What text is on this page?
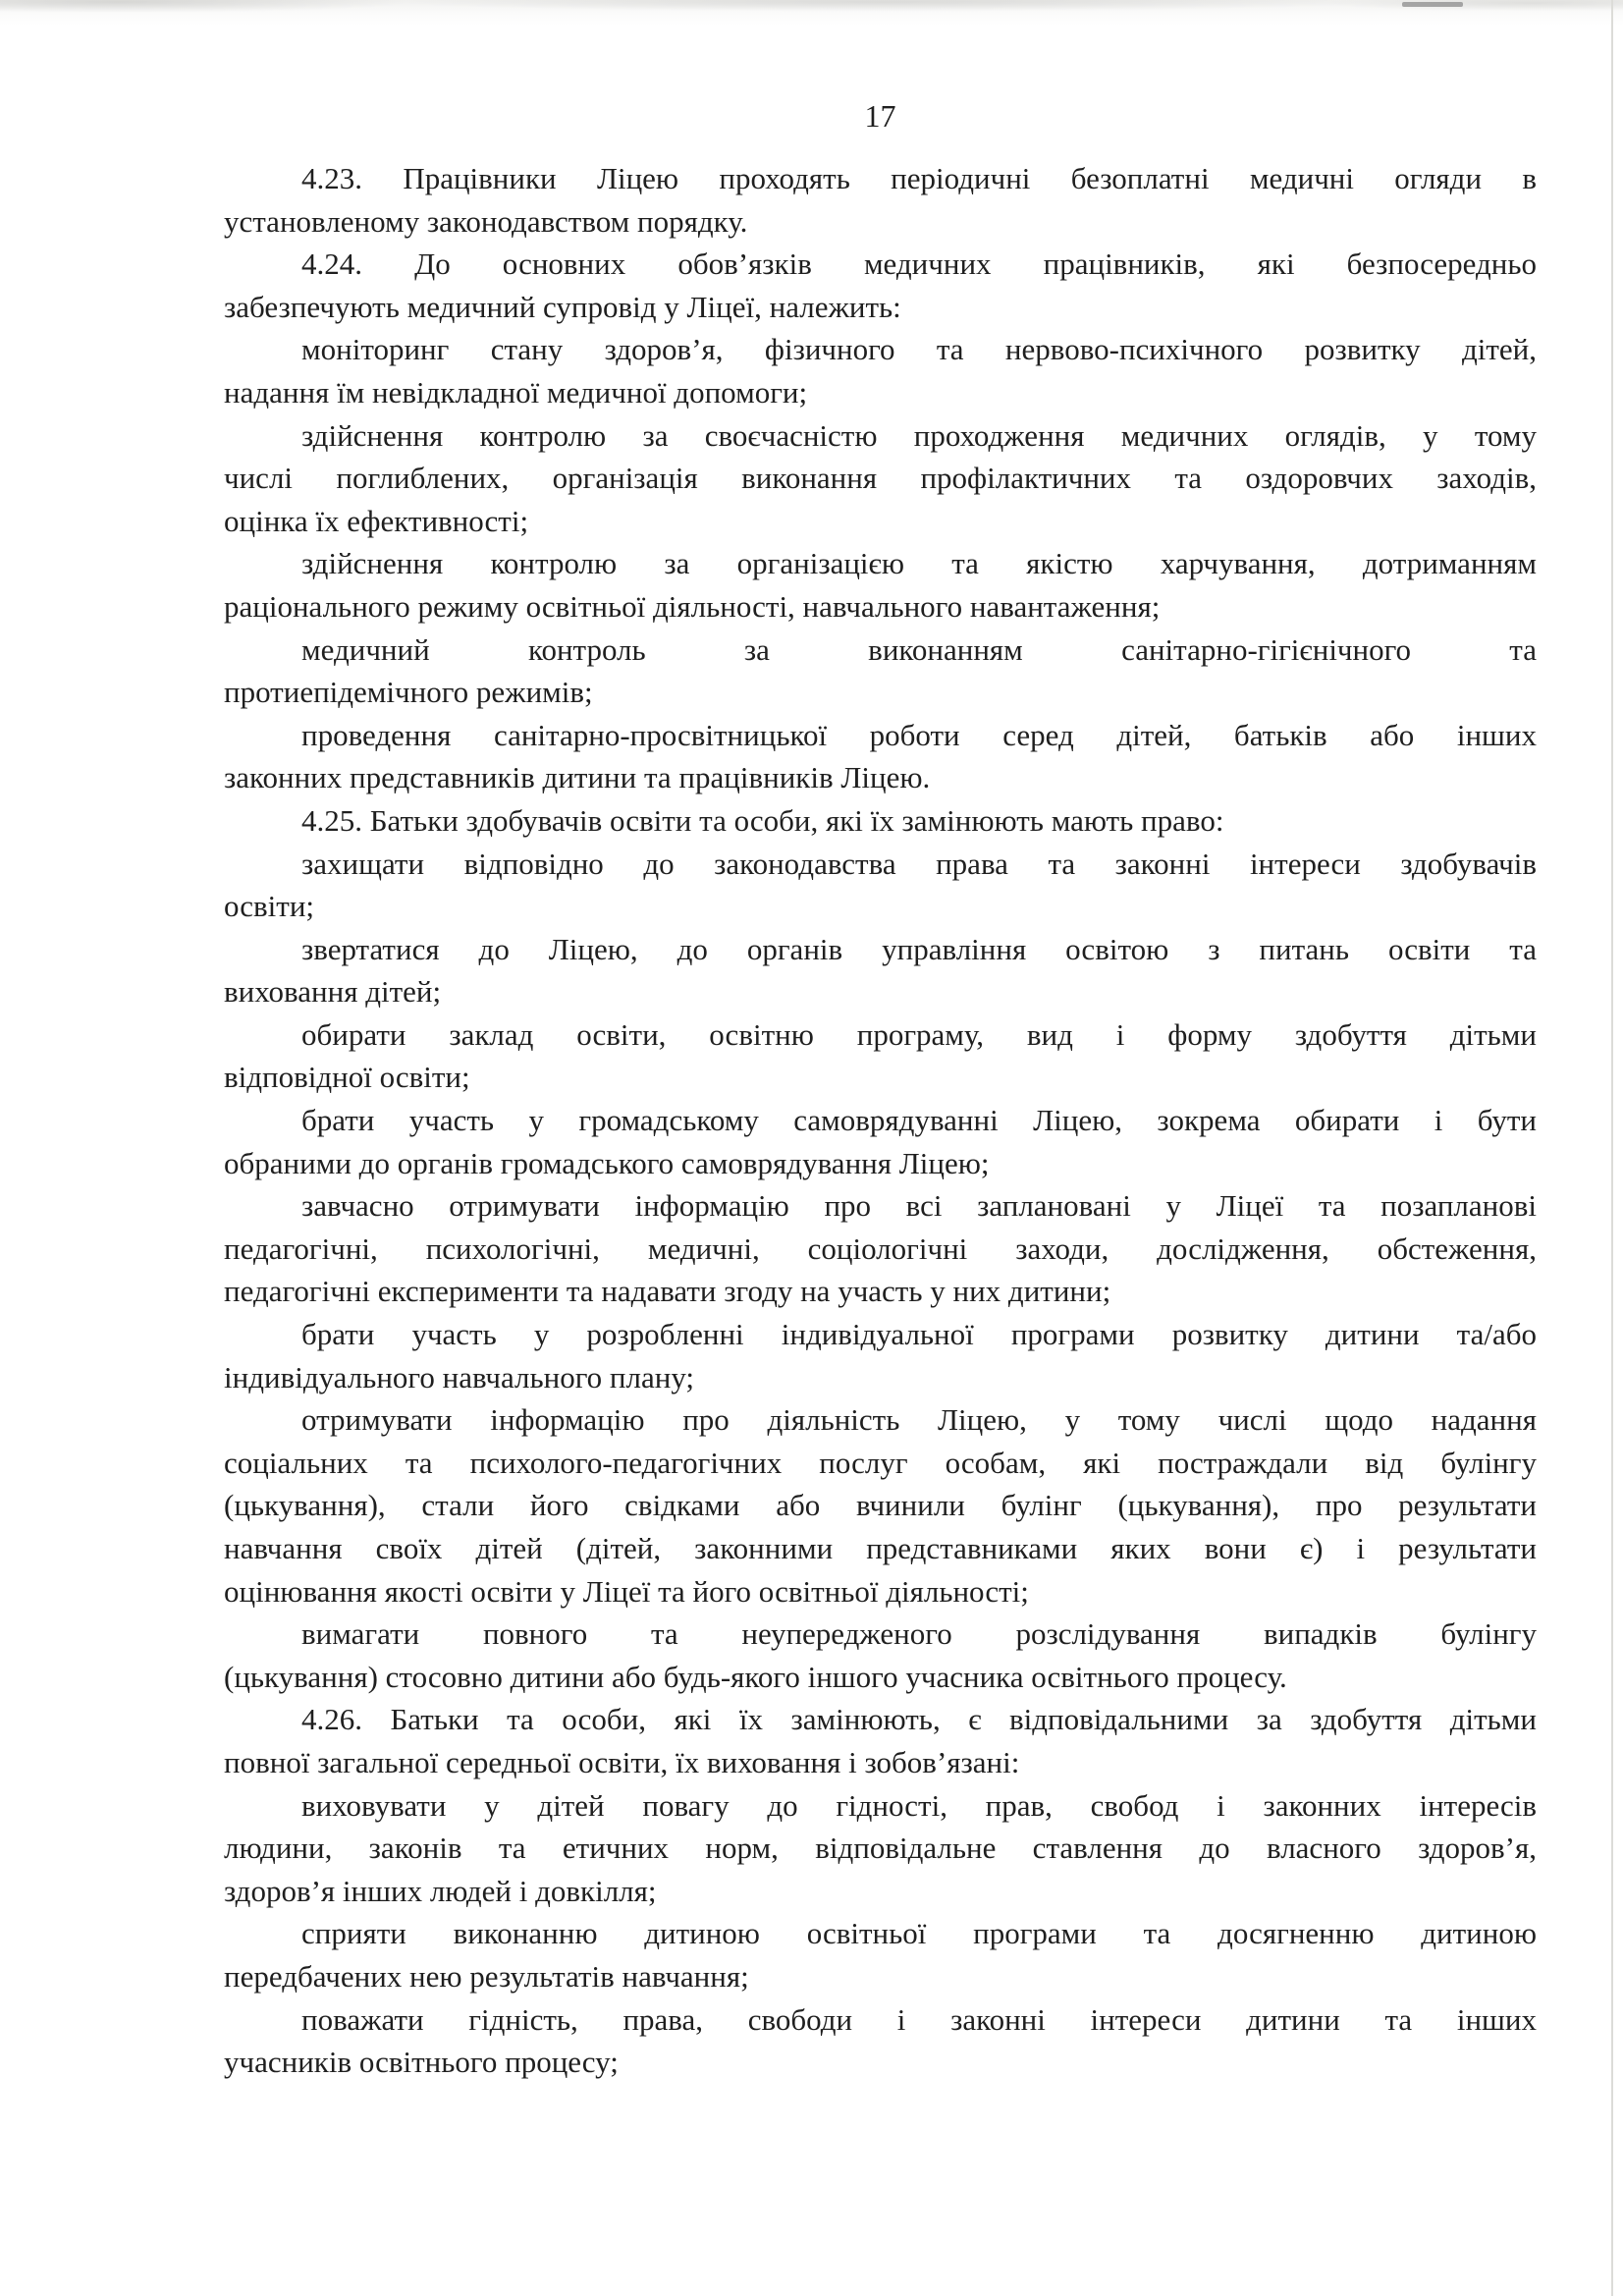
17
4.23. Працівники Ліцею проходять періодичні безоплатні медичні огляди в
установленому законодавством порядку.
4.24. До основних обов’язків медичних працівників, які безпосередньо
забезпечують медичний супровід у Ліцеї, належить:
моніторинг стану здоров’я, фізичного та нервово-психічного розвитку дітей,
надання їм невідкладної медичної допомоги;
здійснення контролю за своєчасністю проходження медичних оглядів, у тому
числі поглиблених, організація виконання профілактичних та оздоровчих заходів,
оцінка їх ефективності;
здійснення контролю за організацією та якістю харчування, дотриманням
раціонального режиму освітньої діяльності, навчального навантаження;
медичний контроль за виконанням санітарно-гігієнічного та
протиепідемічного режимів;
проведення санітарно-просвітницької роботи серед дітей, батьків або інших
законних представників дитини та працівників Ліцею.
4.25. Батьки здобувачів освіти та особи, які їх замінюють мають право:
захищати відповідно до законодавства права та законні інтереси здобувачів
освіти;
звертатися до Ліцею, до органів управління освітою з питань освіти та
виховання дітей;
обирати заклад освіти, освітню програму, вид і форму здобуття дітьми
відповідної освіти;
брати участь у громадському самоврядуванні Ліцею, зокрема обирати і бути
обраними до органів громадського самоврядування Ліцею;
завчасно отримувати інформацію про всі заплановані у Ліцеї та позапланові
педагогічні, психологічні, медичні, соціологічні заходи, дослідження, обстеження,
педагогічні експерименти та надавати згоду на участь у них дитини;
брати участь у розробленні індивідуальної програми розвитку дитини та/або
індивідуального навчального плану;
отримувати інформацію про діяльність Ліцею, у тому числі щодо надання
соціальних та психолого-педагогічних послуг особам, які постраждали від булінгу
(цькування), стали його свідками або вчинили булінг (цькування), про результати
навчання своїх дітей (дітей, законними представниками яких вони є) і результати
оцінювання якості освіти у Ліцеї та його освітньої діяльності;
вимагати повного та неупередженого розслідування випадків булінгу
(цькування) стосовно дитини або будь-якого іншого учасника освітнього процесу.
4.26. Батьки та особи, які їх замінюють, є відповідальними за здобуття дітьми
повної загальної середньої освіти, їх виховання і зобов’язані:
виховувати у дітей повагу до гідності, прав, свобод і законних інтересів
людини, законів та етичних норм, відповідальне ставлення до власного здоров’я,
здоров’я інших людей і довкілля;
сприяти виконанню дитиною освітньої програми та досягненню дитиною
передбачених нею результатів навчання;
поважати гідність, права, свободи і законні інтереси дитини та інших
учасників освітнього процесу;
